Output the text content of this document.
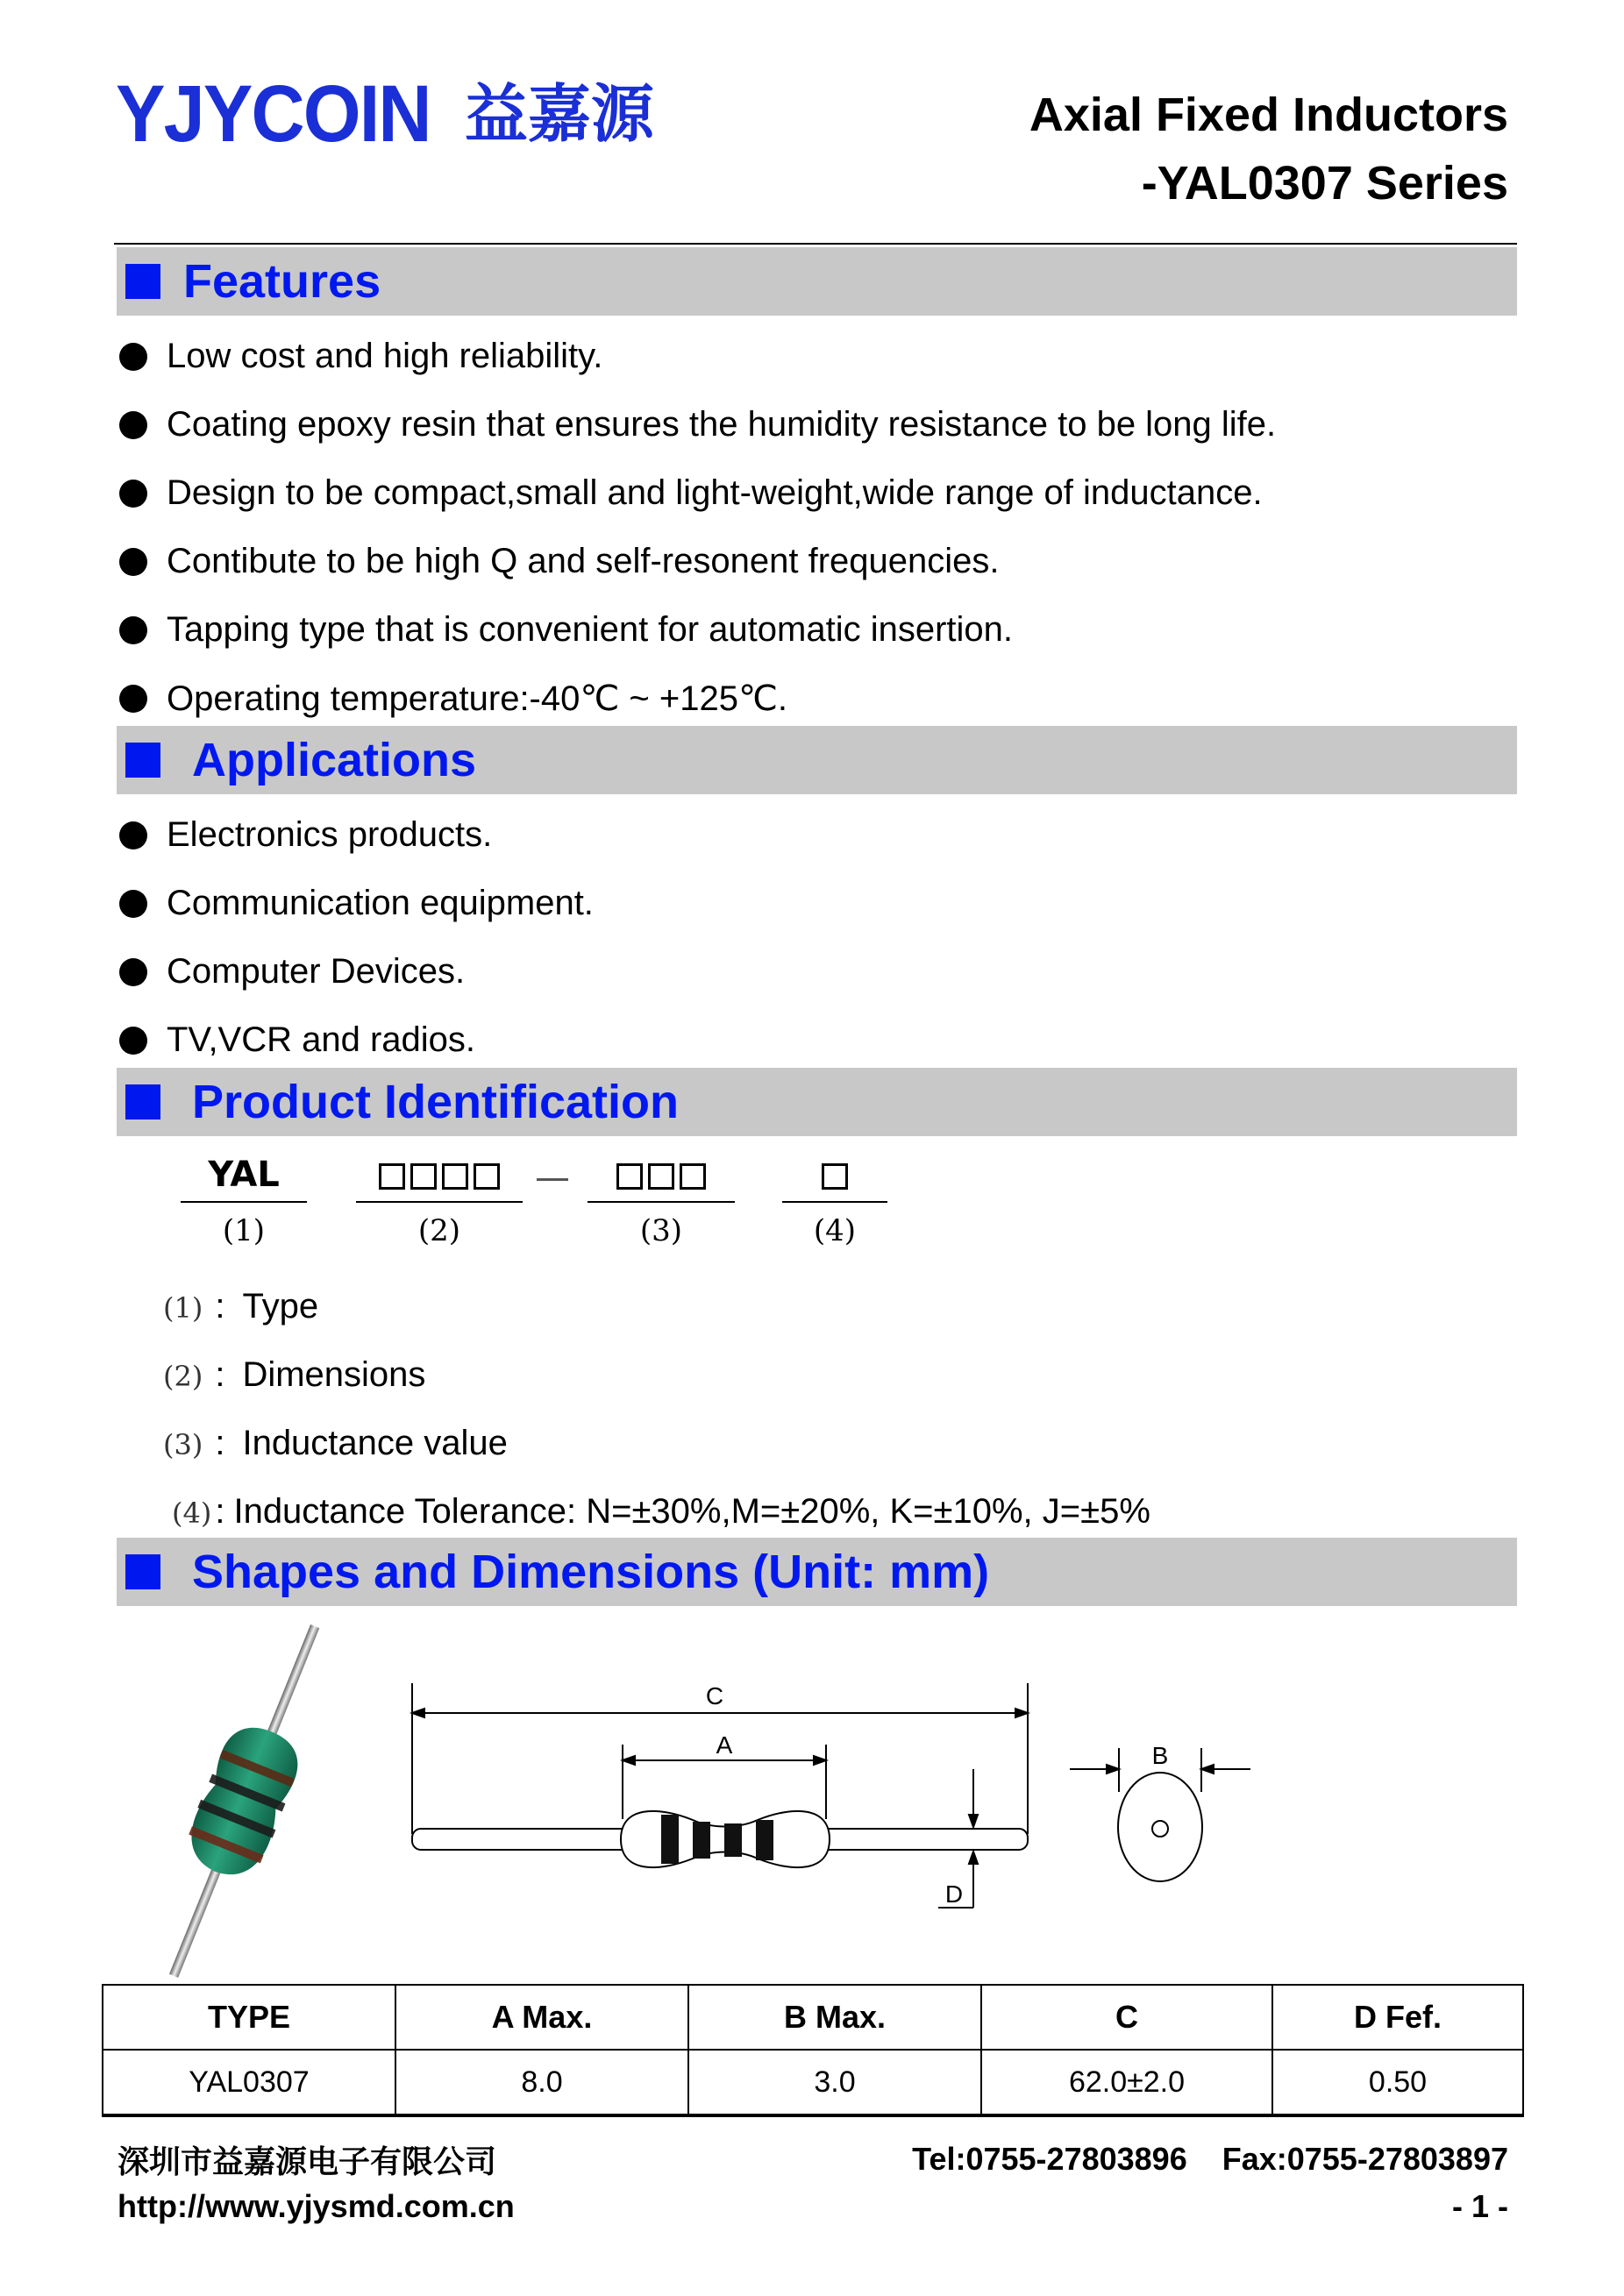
YJYCOIN 益嘉源	Axial Fixed Inductors
-YAL0307 Series
Features
Low cost and high reliability.
Coating epoxy resin that ensures the humidity resistance to be long life.
Design to be compact,small and light-weight,wide range of inductance.
Contibute to be high Q and self-resonent frequencies.
Tapping type that is convenient for automatic insertion.
Operating temperature:-40℃ ~ +125℃.
Applications
Electronics products.
Communication equipment.
Computer Devices.
TV,VCR and radios.
Product Identification
YAL
(1)	(2)	(3)	(4)
(1) : Type
(2) : Dimensions
(3) : Inductance value
(4) : Inductance Tolerance: N=±30%,M=±20%, K=±10%, J=±5%
Shapes and Dimensions (Unit: mm)
C
A
D
B
TYPE	A Max.	B Max.	C	D Fef.
YAL0307	8.0	3.0	62.0±2.0	0.50
深圳市益嘉源电子有限公司	Tel:0755-27803896    Fax:0755-27803897
http://www.yjysmd.com.cn	- 1 -
